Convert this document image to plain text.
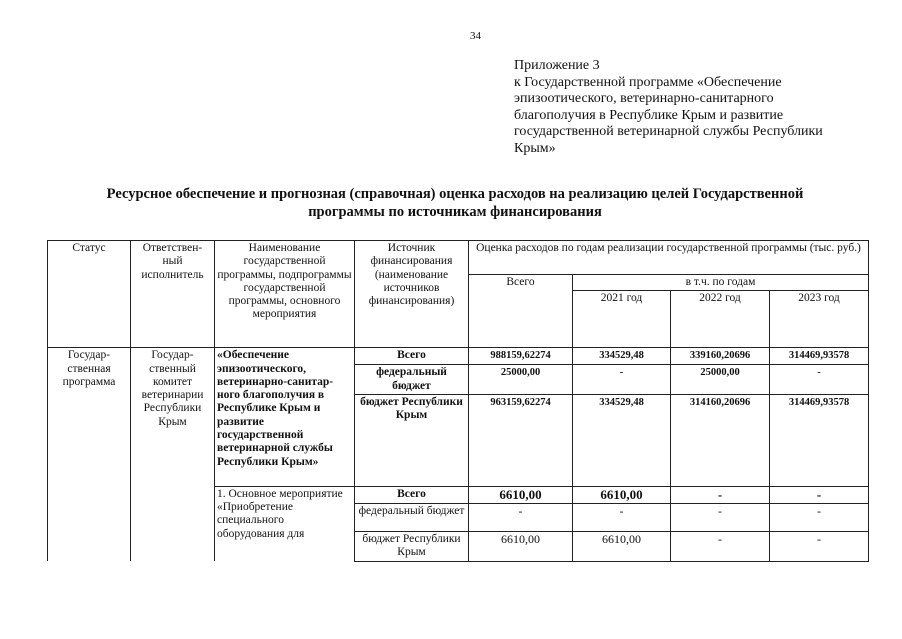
34
Приложение 3
к Государственной программе «Обеспечение
эпизоотического, ветеринарно-санитарного
благополучия в Республике Крым и развитие
государственной ветеринарной службы Республики
Крым»
Ресурсное обеспечение и прогнозная (справочная) оценка расходов на реализацию целей Государственной
программы по источникам финансирования
Статус	Ответствен-ный исполнитель	Наименование государственной программы, подпрограммы государственной программы, основного мероприятия	Источник финансирования (наименование источников финансирования)	Оценка расходов по годам реализации государственной программы (тыс. руб.)			
				Всего	в т.ч. по годам		
					2021 год	2022 год	2023 год
Государ-ственная программа	Государ-ственный комитет ветеринарии Республики Крым	«Обеспечение эпизоотического, ветеринарно-санитар-ного благополучия в Республике Крым и развитие государственной ветеринарной службы Республики Крым»	Всего	988159,62274	334529,48	339160,20696	314469,93578
			федеральный бюджет	25000,00	-	25000,00	-
			бюджет Республики Крым	963159,62274	334529,48	314160,20696	314469,93578
		1. Основное мероприятие «Приобретение специального оборудования для	Всего	6610,00	6610,00	-	-
			федеральный бюджет	-	-	-	-
			бюджет Республики Крым	6610,00	6610,00	-	-
